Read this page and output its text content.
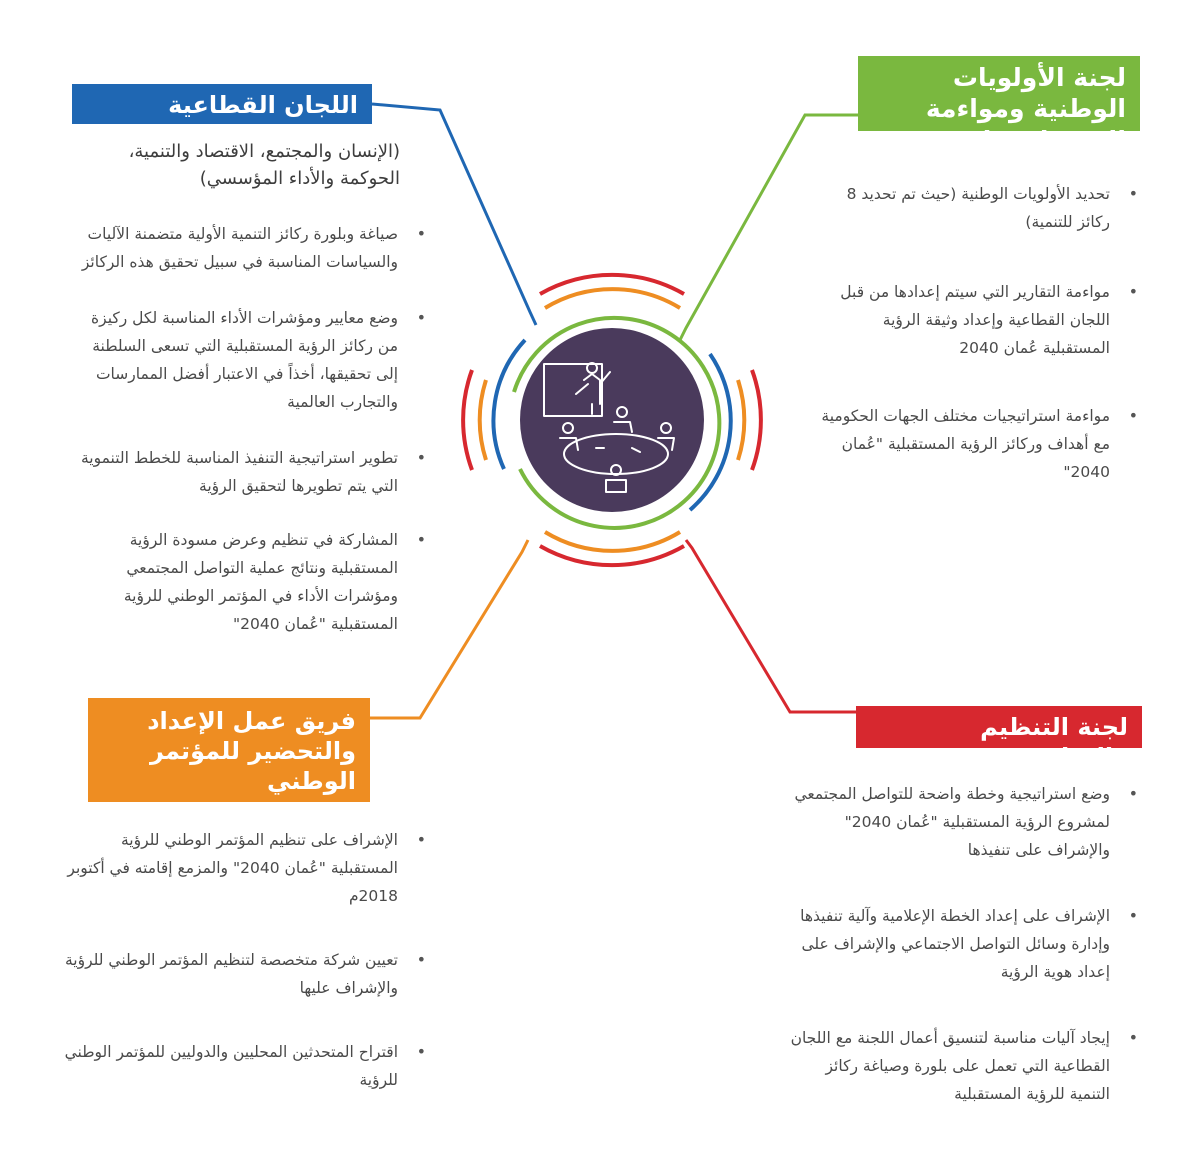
لجنة الأولويات الوطنية ومواءمة الاستراتيجيات
• تحديد الأولويات الوطنية (حيث تم تحديد 8 ركائز للتنمية)
• مواءمة التقارير التي سيتم إعدادها من قبل اللجان القطاعية وإعداد وثيقة الرؤية المستقبلية عُمان 2040
• مواءمة استراتيجيات مختلف الجهات الحكومية مع أهداف وركائز الرؤية المستقبلية "عُمان 2040"
اللجان القطاعية

(الإنسان والمجتمع، الاقتصاد والتنمية، الحوكمة والأداء المؤسسي)

• صياغة وبلورة ركائز التنمية الأولية متضمنة الآليات والسياسات المناسبة في سبيل تحقيق هذه الركائز
• وضع معايير ومؤشرات الأداء المناسبة لكل ركيزة من ركائز الرؤية المستقبلية التي تسعى السلطنة إلى تحقيقها، أخذاً في الاعتبار أفضل الممارسات والتجارب العالمية
• تطوير استراتيجية التنفيذ المناسبة للخطط التنموية التي يتم تطويرها لتحقيق الرؤية
• المشاركة في تنظيم وعرض مسودة الرؤية المستقبلية ونتائج عملية التواصل المجتمعي ومؤشرات الأداء في المؤتمر الوطني للرؤية المستقبلية "عُمان 2040"
لجنة التنظيم والمتابعة
• وضع استراتيجية وخطة واضحة للتواصل المجتمعي لمشروع الرؤية المستقبلية "عُمان 2040" والإشراف على تنفيذها
• الإشراف على إعداد الخطة الإعلامية وآلية تنفيذها وإدارة وسائل التواصل الاجتماعي والإشراف على إعداد هوية الرؤية
• إيجاد آليات مناسبة لتنسيق أعمال اللجنة مع اللجان القطاعية التي تعمل على بلورة وصياغة ركائز التنمية للرؤية المستقبلية
فريق عمل الإعداد والتحضير للمؤتمر الوطني
• الإشراف على تنظيم المؤتمر الوطني للرؤية المستقبلية "عُمان 2040" والمزمع إقامته في أكتوبر 2018م
• تعيين شركة متخصصة لتنظيم المؤتمر الوطني للرؤية والإشراف عليها
• اقتراح المتحدثين المحليين والدوليين للمؤتمر الوطني للرؤية
